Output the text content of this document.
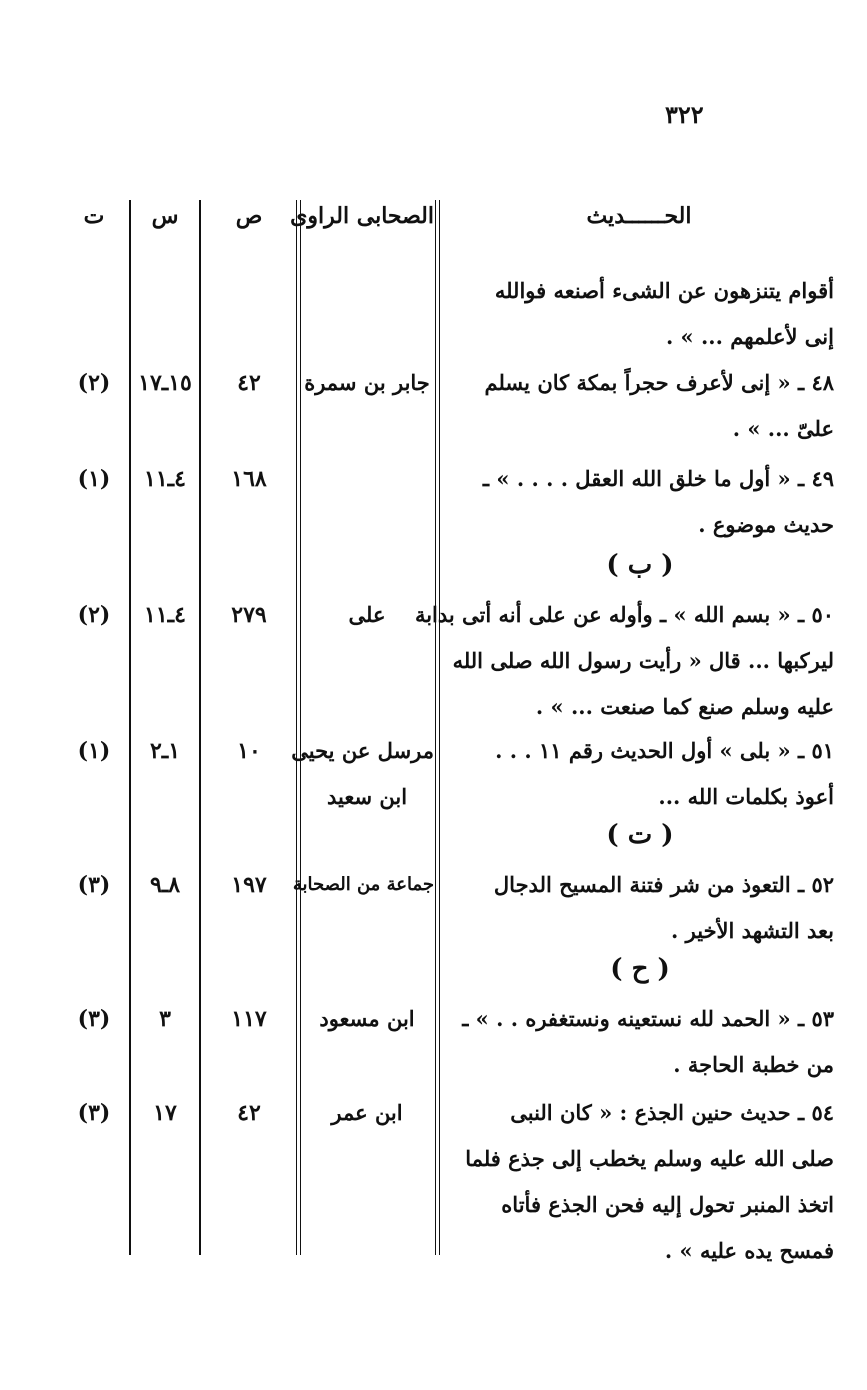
٣٢٢
الحــــــديث
الصحابى الراوى
ص
س
ت
أقوام يتنزهون عن الشىء أصنعه فوالله
إنى لأعلمهم ... » .
٤٨ ـ « إنى لأعرف حجراً بمكة كان يسلم
علىّ ... » .
جابر بن سمرة
٤٢
١٥ـ١٧
(٢)
٤٩ ـ « أول ما خلق الله العقل . . . . » ـ
حديث موضوع .
١٦٨
٤ـ١١
(١)
( ب )
٥٠ ـ « بسم الله » ـ وأوله عن على أنه أتى بدابة
ليركبها ... قال « رأيت رسول الله صلى الله
عليه وسلم صنع كما صنعت ... » .
على
٢٧٩
٤ـ١١
(٢)
٥١ ـ « بلى » أول الحديث رقم ١١ . . .
أعوذ بكلمات الله ...
مرسل عن يحيى
ابن سعيد
١٠
١ـ٢
(١)
( ت )
٥٢ ـ التعوذ من شر فتنة المسيح الدجال
بعد التشهد الأخير .
جماعة من الصحابة
١٩٧
٨ـ٩
(٣)
( ح )
٥٣ ـ « الحمد لله نستعينه ونستغفره . . » ـ
من خطبة الحاجة .
ابن مسعود
١١٧
٣
(٣)
٥٤ ـ حديث حنين الجذع : « كان النبى
صلى الله عليه وسلم يخطب إلى جذع فلما
اتخذ المنبر تحول إليه فحن الجذع فأتاه
فمسح يده عليه » .
ابن عمر
٤٢
١٧
(٣)
